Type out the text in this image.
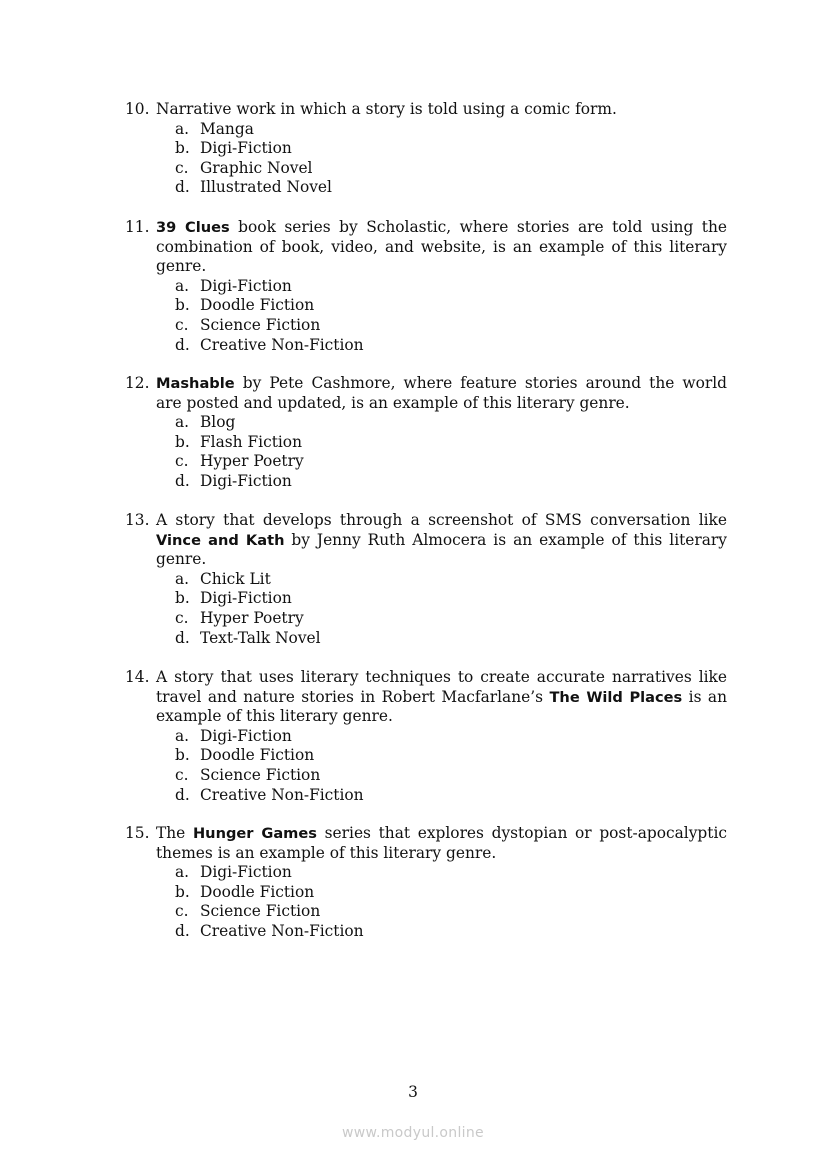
10. Narrative work in which a story is told using a comic form.
a. Manga
b. Digi-Fiction
c. Graphic Novel
d. Illustrated Novel
11. 39 Clues book series by Scholastic, where stories are told using the combination of book, video, and website, is an example of this literary genre.
a. Digi-Fiction
b. Doodle Fiction
c. Science Fiction
d. Creative Non-Fiction
12. Mashable by Pete Cashmore, where feature stories around the world are posted and updated, is an example of this literary genre.
a. Blog
b. Flash Fiction
c. Hyper Poetry
d. Digi-Fiction
13. A story that develops through a screenshot of SMS conversation like Vince and Kath by Jenny Ruth Almocera is an example of this literary genre.
a. Chick Lit
b. Digi-Fiction
c. Hyper Poetry
d. Text-Talk Novel
14. A story that uses literary techniques to create accurate narratives like travel and nature stories in Robert Macfarlane’s The Wild Places is an example of this literary genre.
a. Digi-Fiction
b. Doodle Fiction
c. Science Fiction
d. Creative Non-Fiction
15. The Hunger Games series that explores dystopian or post-apocalyptic themes is an example of this literary genre.
a. Digi-Fiction
b. Doodle Fiction
c. Science Fiction
d. Creative Non-Fiction
3
www.modyul.online
